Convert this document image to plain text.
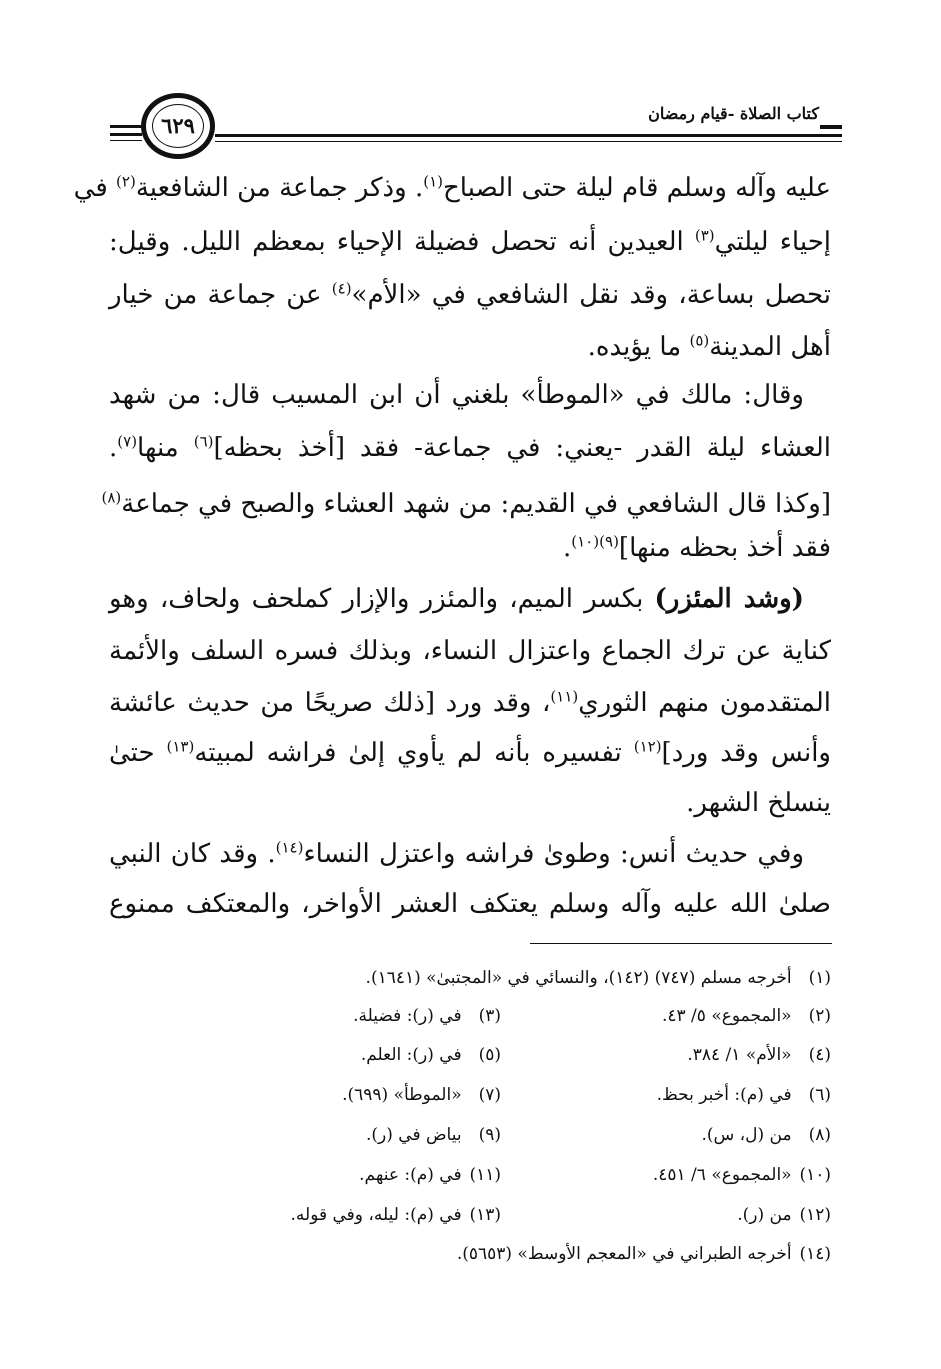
كتاب الصلاة -قيام رمضان
٦٢٩
عليه وآله وسلم قام ليلة حتى الصباح$^{(١)}$. وذكر جماعة من الشافعية$^{(٢)}$ في
إحياء ليلتي$^{(٣)}$ العيدين أنه تحصل فضيلة الإحياء بمعظم الليل. وقيل:
تحصل بساعة، وقد نقل الشافعي في «الأم»$^{(٤)}$ عن جماعة من خيار
أهل المدينة$^{(٥)}$ ما يؤيده.
وقال: مالك في «الموطأ» بلغني أن ابن المسيب قال: من شهد
العشاء ليلة القدر -يعني: في جماعة- فقد [أخذ بحظه]$^{(٦)}$ منها$^{(٧)}$.
[وكذا قال الشافعي في القديم: من شهد العشاء والصبح في جماعة$^{(٨)}$
فقد أخذ بحظه منها]$^{(٩)(١٠)}$.
(وشد المئزر) بكسر الميم، والمئزر والإزار كملحف ولحاف، وهو
كناية عن ترك الجماع واعتزال النساء، وبذلك فسره السلف والأئمة
المتقدمون منهم الثوري$^{(١١)}$، وقد ورد [ذلك صريحًا من حديث عائشة
وأنس وقد ورد]$^{(١٢)}$ تفسيره بأنه لم يأوي إلىٰ فراشه لمبيته$^{(١٣)}$ حتىٰ
ينسلخ الشهر.
وفي حديث أنس: وطوىٰ فراشه واعتزل النساء$^{(١٤)}$. وقد كان النبي
صلىٰ الله عليه وآله وسلم يعتكف العشر الأواخر، والمعتكف ممنوع
(١) أخرجه مسلم (٧٤٧) (١٤٢)، والنسائي في «المجتبىٰ» (١٦٤١).
(٢) «المجموع» ٥/ ٤٣.
(٣) في (ر): فضيلة.
(٤) «الأم» ١/ ٣٨٤.
(٥) في (ر): العلم.
(٦) في (م): أخبر بحظ.
(٧) «الموطأ» (٦٩٩).
(٨) من (ل، س).
(٩) بياض في (ر).
(١٠) «المجموع» ٦/ ٤٥١.
(١١) في (م): عنهم.
(١٢) من (ر).
(١٣) في (م): ليله، وفي قوله.
(١٤) أخرجه الطبراني في «المعجم الأوسط» (٥٦٥٣).
